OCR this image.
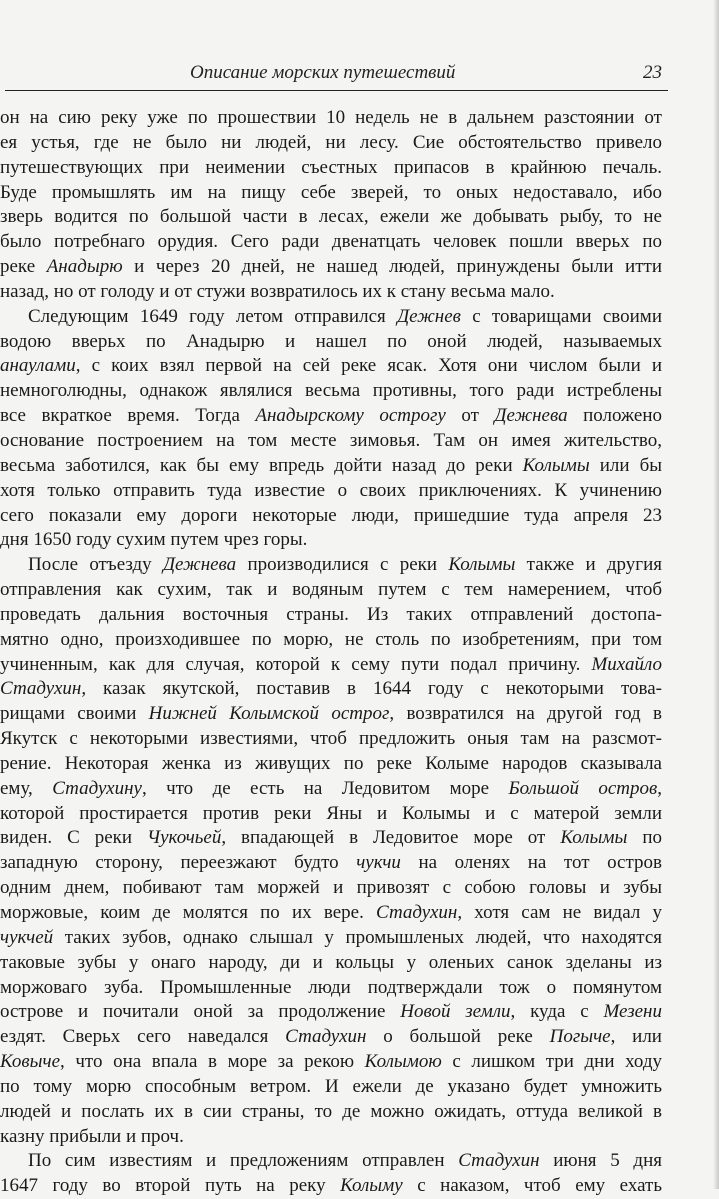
Описание морских путешествий	23
он на сию реку уже по прошествии 10 недель не в дальнем разстоянии от
ея устья, где не было ни людей, ни лесу. Сие обстоятельство привело
путешествующих при неимении съестных припасов в крайнюю печаль.
Буде промышлять им на пищу себе зверей, то оных недоставало, ибо
зверь водится по большой части в лесах, ежели же добывать рыбу, то не
было потребнаго орудия. Сего ради двенатцать человек пошли вверьх по
реке Анадырю и через 20 дней, не нашед людей, принуждены были итти
назад, но от голоду и от стужи возвратилось их к стану весьма мало.
Следующим 1649 году летом отправился Дежнев с товарищами своими
водою вверьх по Анадырю и нашел по оной людей, называемых
анаулами, с коих взял первой на сей реке ясак. Хотя они числом были и
немноголюдны, однакож являлися весьма противны, того ради истреблены
все вкраткое время. Тогда Анадырскому острогу от Дежнева положено
основание построением на том месте зимовья. Там он имея жительство,
весьма заботился, как бы ему впредь дойти назад до реки Колымы или бы
хотя только отправить туда известие о своих приключениях. К учинению
сего показали ему дороги некоторые люди, пришедшие туда апреля 23
дня 1650 году сухим путем чрез горы.
После отъезду Дежнева производилися с реки Колымы также и другия
отправления как сухим, так и водяным путем с тем намерением, чтоб
проведать дальния восточныя страны. Из таких отправлений достопа-
мятно одно, произходившее по морю, не столь по изобретениям, при том
учиненным, как для случая, которой к сему пути подал причину. Михайло
Стадухин, казак якутской, поставив в 1644 году с некоторыми това-
рищами своими Нижней Колымской острог, возвратился на другой год в
Якутск с некоторыми известиями, чтоб предложить оныя там на разсмот-
рение. Некоторая женка из живущих по реке Колыме народов сказывала
ему, Стадухину, что де есть на Ледовитом море Большой остров,
которой простирается против реки Яны и Колымы и с матерой земли
виден. С реки Чукочьей, впадающей в Ледовитое море от Колымы по
западную сторону, переезжают будто чукчи на оленях на тот остров
одним днем, побивают там моржей и привозят с собою головы и зубы
моржовые, коим де молятся по их вере. Стадухин, хотя сам не видал у
чукчей таких зубов, однако слышал у промышленых людей, что находятся
таковые зубы у онаго народу, ди и кольцы у оленьих санок зделаны из
моржоваго зуба. Промышленные люди подтверждали тож о помянутом
острове и почитали оной за продолжение Новой земли, куда с Мезени
ездят. Сверьх сего наведался Стадухин о большой реке Погыче, или
Ковыче, что она впала в море за рекою Колымою с лишком три дни ходу
по тому морю способным ветром. И ежели де указано будет умножить
людей и послать их в сии страны, то де можно ожидать, оттуда великой в
казну прибыли и проч.
По сим известиям и предложениям отправлен Стадухин июня 5 дня
1647 году во второй путь на реку Колыму с наказом, чтоб ему ехать
